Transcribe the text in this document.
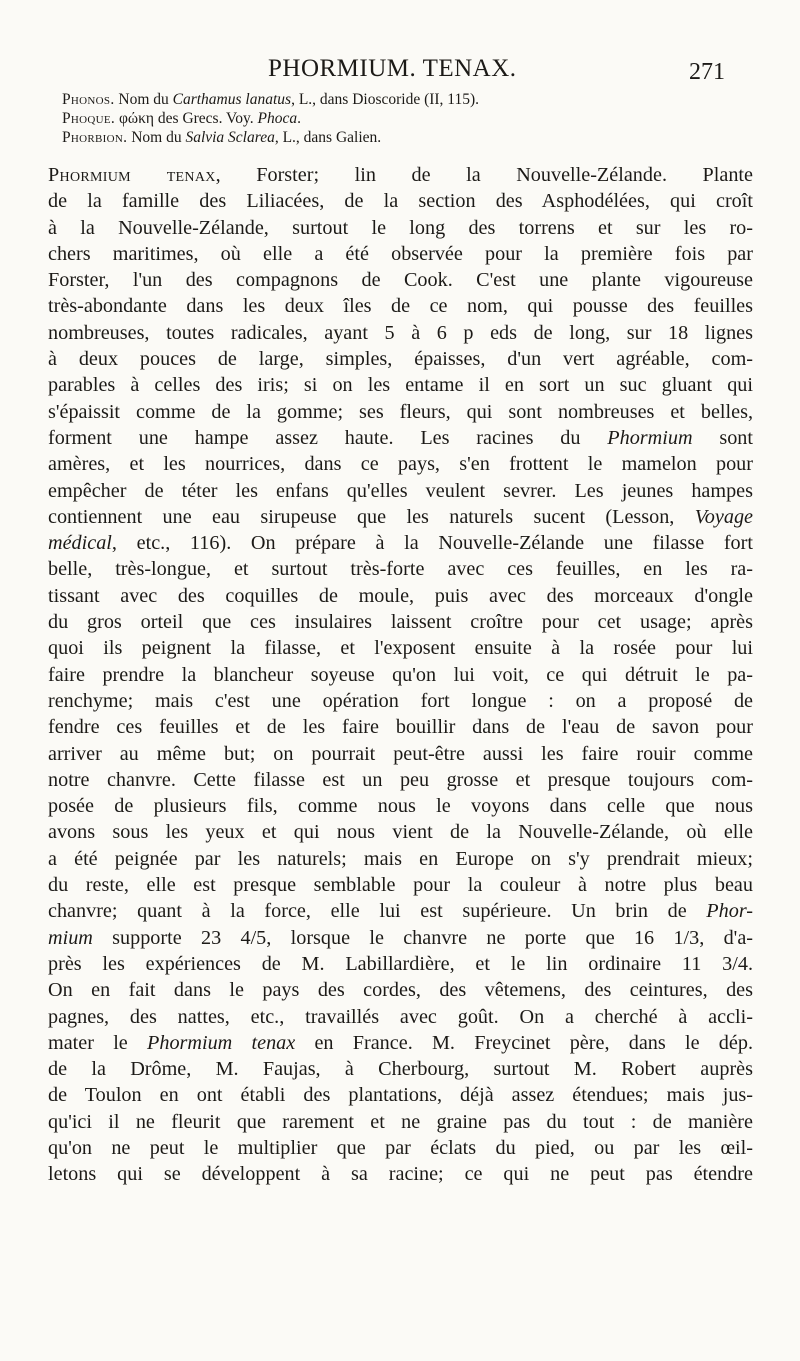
PHORMIUM. TENAX.	271
Phonos. Nom du Carthamus lanatus, L., dans Dioscoride (II, 115).
Phoque. φώκη des Grecs. Voy. Phoca.
Phorbion. Nom du Salvia Sclarea, L., dans Galien.
Phormium tenax, Forster; lin de la Nouvelle-Zélande. Plante
de la famille des Liliacées, de la section des Asphodélées, qui croît
à la Nouvelle-Zélande, surtout le long des torrens et sur les ro-
chers maritimes, où elle a été observée pour la première fois par
Forster, l'un des compagnons de Cook. C'est une plante vigoureuse
très-abondante dans les deux îles de ce nom, qui pousse des feuilles
nombreuses, toutes radicales, ayant 5 à 6 p eds de long, sur 18 lignes
à deux pouces de large, simples, épaisses, d'un vert agréable, com-
parables à celles des iris; si on les entame il en sort un suc gluant qui
s'épaissit comme de la gomme; ses fleurs, qui sont nombreuses et belles,
forment une hampe assez haute. Les racines du Phormium sont
amères, et les nourrices, dans ce pays, s'en frottent le mamelon pour
empêcher de téter les enfans qu'elles veulent sevrer. Les jeunes hampes
contiennent une eau sirupeuse que les naturels sucent (Lesson, Voyage
médical, etc., 116). On prépare à la Nouvelle-Zélande une filasse fort
belle, très-longue, et surtout très-forte avec ces feuilles, en les ra-
tissant avec des coquilles de moule, puis avec des morceaux d'ongle
du gros orteil que ces insulaires laissent croître pour cet usage; après
quoi ils peignent la filasse, et l'exposent ensuite à la rosée pour lui
faire prendre la blancheur soyeuse qu'on lui voit, ce qui détruit le pa-
renchyme; mais c'est une opération fort longue : on a proposé de
fendre ces feuilles et de les faire bouillir dans de l'eau de savon pour
arriver au même but; on pourrait peut-être aussi les faire rouir comme
notre chanvre. Cette filasse est un peu grosse et presque toujours com-
posée de plusieurs fils, comme nous le voyons dans celle que nous
avons sous les yeux et qui nous vient de la Nouvelle-Zélande, où elle
a été peignée par les naturels; mais en Europe on s'y prendrait mieux;
du reste, elle est presque semblable pour la couleur à notre plus beau
chanvre; quant à la force, elle lui est supérieure. Un brin de Phor-
mium supporte 23 4/5, lorsque le chanvre ne porte que 16 1/3, d'a-
près les expériences de M. Labillardière, et le lin ordinaire 11 3/4.
On en fait dans le pays des cordes, des vêtemens, des ceintures, des
pagnes, des nattes, etc., travaillés avec goût. On a cherché à accli-
mater le Phormium tenax en France. M. Freycinet père, dans le dép.
de la Drôme, M. Faujas, à Cherbourg, surtout M. Robert auprès
de Toulon en ont établi des plantations, déjà assez étendues; mais jus-
qu'ici il ne fleurit que rarement et ne graine pas du tout : de manière
qu'on ne peut le multiplier que par éclats du pied, ou par les œil-
letons qui se développent à sa racine; ce qui ne peut pas étendre
